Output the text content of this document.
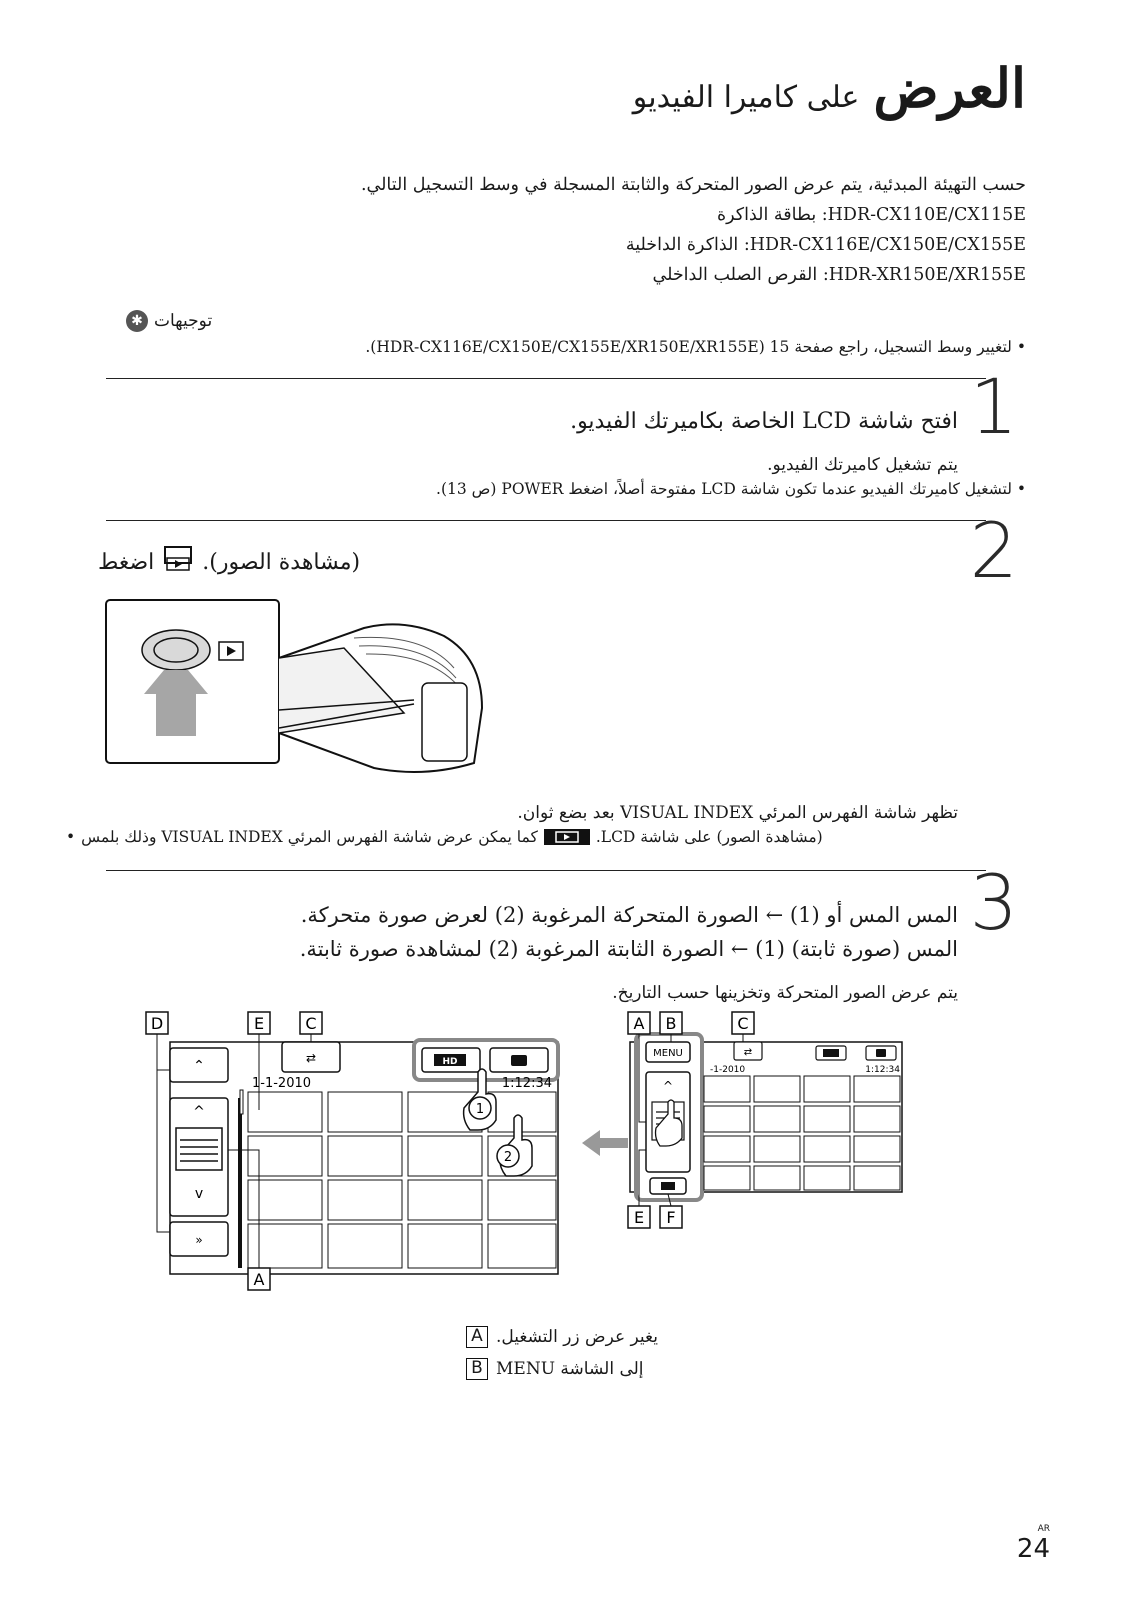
العرض
على كاميرا الفيديو
حسب التهيئة المبدئية، يتم عرض الصور المتحركة والثابتة المسجلة في وسط التسجيل التالي.
HDR-CX110E/CX115E: بطاقة الذاكرة
HDR-CX116E/CX150E/CX155E: الذاكرة الداخلية
HDR-XR150E/XR155E: القرص الصلب الداخلي
✱ توجيهات
• لتغيير وسط التسجيل، راجع صفحة 15 (HDR-CX116E/CX150E/CX155E/XR150E/XR155E).
1
افتح شاشة LCD الخاصة بكاميرتك الفيديو.
يتم تشغيل كاميرتك الفيديو.
• لتشغيل كاميرتك الفيديو عندما تكون شاشة LCD مفتوحة أصلاً، اضغط POWER (ص 13).
2
اضغط (مشاهدة الصور).
تظهر شاشة الفهرس المرئي VISUAL INDEX بعد بضع ثوان.
• كما يمكن عرض شاشة الفهرس المرئي VISUAL INDEX وذلك بلمس	(مشاهدة الصور) على شاشة LCD.
3
المس المس أو (1) ← الصورة المتحركة المرغوبة (2) لعرض صورة متحركة.
المس (صورة ثابتة) (1) ← الصورة الثابتة المرغوبة (2) لمشاهدة صورة ثابتة.
يتم عرض الصور المتحركة وتخزينها حسب التاريخ.
⌃
^
v
»
⇄	HD
1-1-2010	1:12:34
1
2
D	E	C
A
MENU
^
⇄
-1-2010	1:12:34
A B	C
E F
A يغير عرض زر التشغيل.
B إلى الشاشة MENU
AR
24
